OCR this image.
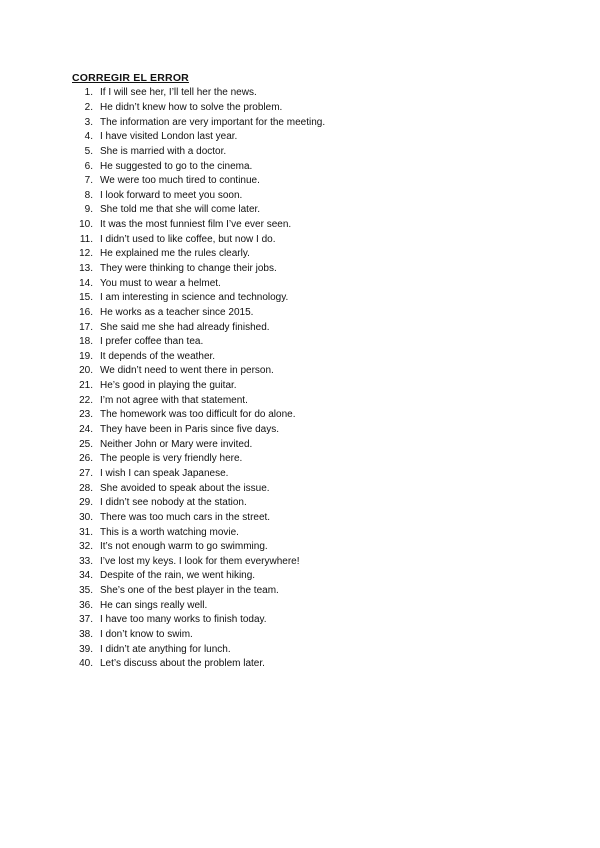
CORREGIR EL ERROR
1. If I will see her, I’ll tell her the news.
2. He didn’t knew how to solve the problem.
3. The information are very important for the meeting.
4. I have visited London last year.
5. She is married with a doctor.
6. He suggested to go to the cinema.
7. We were too much tired to continue.
8. I look forward to meet you soon.
9. She told me that she will come later.
10. It was the most funniest film I’ve ever seen.
11. I didn’t used to like coffee, but now I do.
12. He explained me the rules clearly.
13. They were thinking to change their jobs.
14. You must to wear a helmet.
15. I am interesting in science and technology.
16. He works as a teacher since 2015.
17. She said me she had already finished.
18. I prefer coffee than tea.
19. It depends of the weather.
20. We didn’t need to went there in person.
21. He’s good in playing the guitar.
22. I’m not agree with that statement.
23. The homework was too difficult for do alone.
24. They have been in Paris since five days.
25. Neither John or Mary were invited.
26. The people is very friendly here.
27. I wish I can speak Japanese.
28. She avoided to speak about the issue.
29. I didn’t see nobody at the station.
30. There was too much cars in the street.
31. This is a worth watching movie.
32. It’s not enough warm to go swimming.
33. I’ve lost my keys. I look for them everywhere!
34. Despite of the rain, we went hiking.
35. She’s one of the best player in the team.
36. He can sings really well.
37. I have too many works to finish today.
38. I don’t know to swim.
39. I didn’t ate anything for lunch.
40. Let’s discuss about the problem later.
